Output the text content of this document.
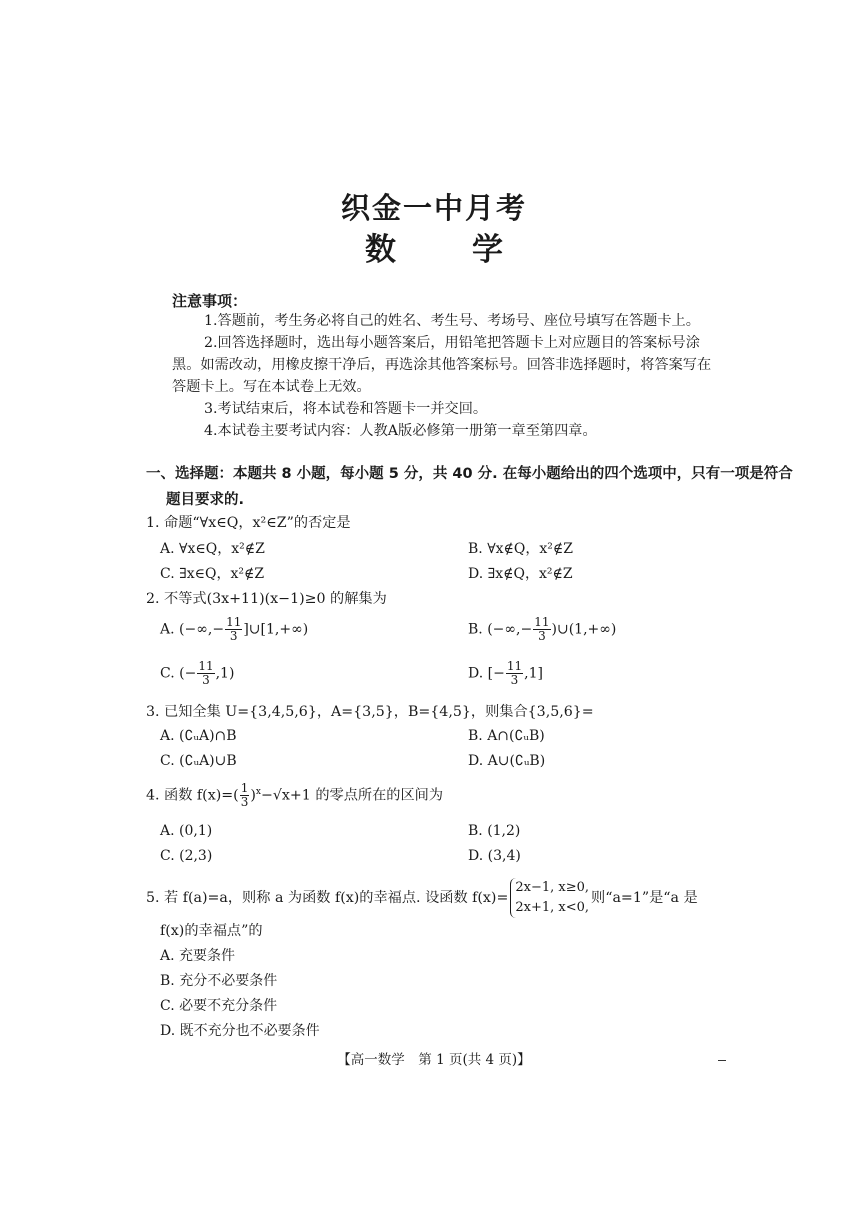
织金一中月考
数 学
注意事项：
1.答题前，考生务必将自己的姓名、考生号、考场号、座位号填写在答题卡上。
2.回答选择题时，选出每小题答案后，用铅笔把答题卡上对应题目的答案标号涂
黑。如需改动，用橡皮擦干净后，再选涂其他答案标号。回答非选择题时，将答案写在
答题卡上。写在本试卷上无效。
3.考试结束后，将本试卷和答题卡一并交回。
4.本试卷主要考试内容：人教A版必修第一册第一章至第四章。
一、选择题：本题共 8 小题，每小题 5 分，共 40 分. 在每小题给出的四个选项中，只有一项是符合
题目要求的.
1. 命题“∀x∈Q，x²∈Z”的否定是
A. ∀x∈Q，x²∉Z	B. ∀x∉Q，x²∉Z
C. ∃x∈Q，x²∉Z	D. ∃x∉Q，x²∉Z
2. 不等式(3x+11)(x−1)≥0 的解集为
A. (−∞,− $\frac{11}{3}$ ]∪[1,+∞)	B. (−∞,− $\frac{11}{3}$ )∪(1,+∞)
C. (− $\frac{11}{3} ,1$)	D. [− $\frac{11}{3} ,1$]
3. 已知全集 U={3,4,5,6}，A={3,5}，B={4,5}，则集合{3,5,6}=
A. (∁ᵤA)∩B	B. A∩(∁ᵤB)
C. (∁ᵤA)∪B	D. A∪(∁ᵤB)
4. 函数 $f(x)=( \frac{1}{3} )^x-√x+1$ 的零点所在的区间为
A. (0,1)	B. (1,2)
C. (2,3)	D. (3,4)
5. 若 f(a)=a，则称 a 为函数 f(x)的幸福点. 设函数 f(x)=
2x−1, x≥0,
2x+1, x<0,
则“a=1”是“a 是
f(x)的幸福点”的
A. 充要条件
B. 充分不必要条件
C. 必要不充分条件
D. 既不充分也不必要条件
【高一数学　第 1 页(共 4 页)】
